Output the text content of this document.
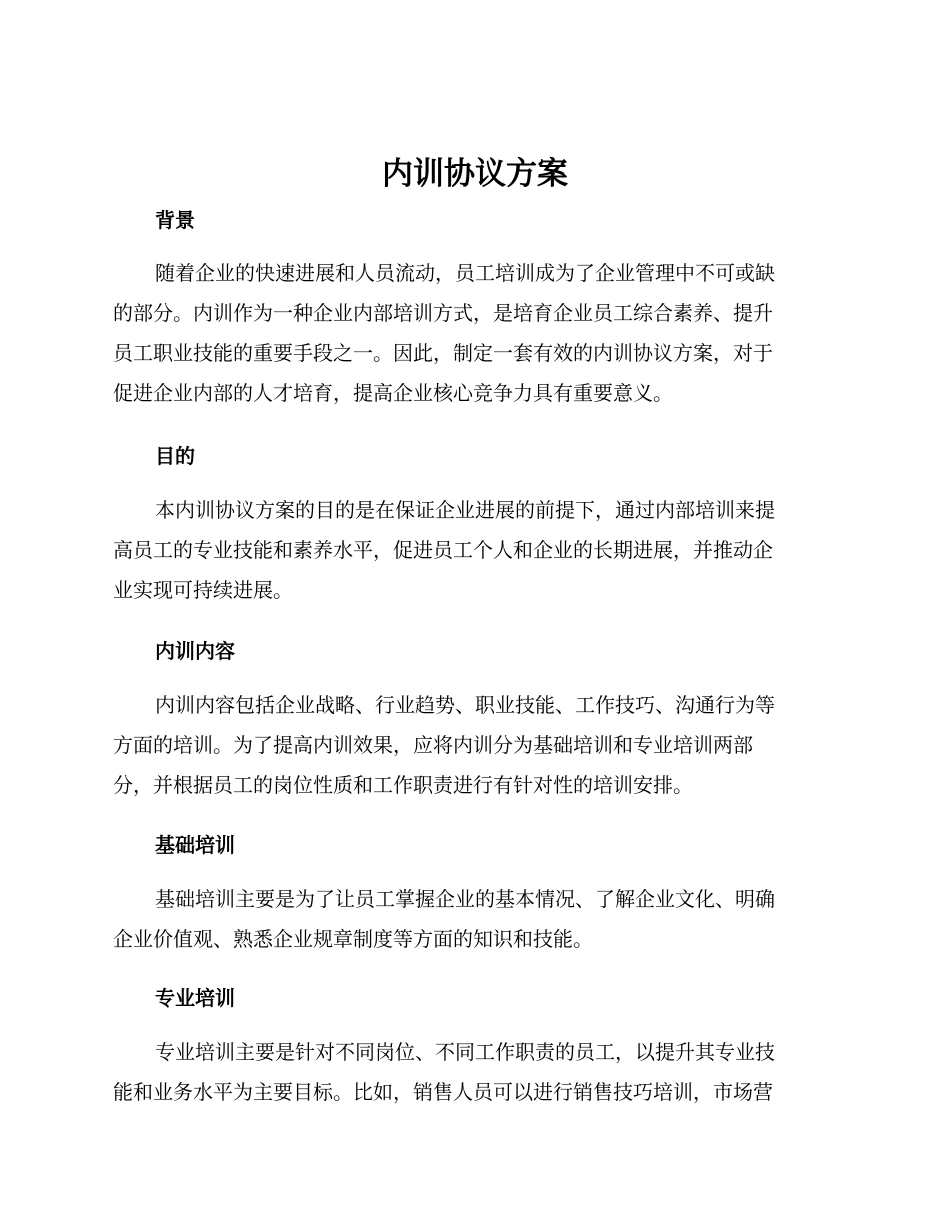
内训协议方案
背景
随着企业的快速进展和人员流动，员工培训成为了企业管理中不可或缺
的部分。内训作为一种企业内部培训方式，是培育企业员工综合素养、提升
员工职业技能的重要手段之一。因此，制定一套有效的内训协议方案，对于
促进企业内部的人才培育，提高企业核心竞争力具有重要意义。
目的
本内训协议方案的目的是在保证企业进展的前提下，通过内部培训来提
高员工的专业技能和素养水平，促进员工个人和企业的长期进展，并推动企
业实现可持续进展。
内训内容
内训内容包括企业战略、行业趋势、职业技能、工作技巧、沟通行为等
方面的培训。为了提高内训效果，应将内训分为基础培训和专业培训两部
分，并根据员工的岗位性质和工作职责进行有针对性的培训安排。
基础培训
基础培训主要是为了让员工掌握企业的基本情况、了解企业文化、明确
企业价值观、熟悉企业规章制度等方面的知识和技能。
专业培训
专业培训主要是针对不同岗位、不同工作职责的员工，以提升其专业技
能和业务水平为主要目标。比如，销售人员可以进行销售技巧培训，市场营
